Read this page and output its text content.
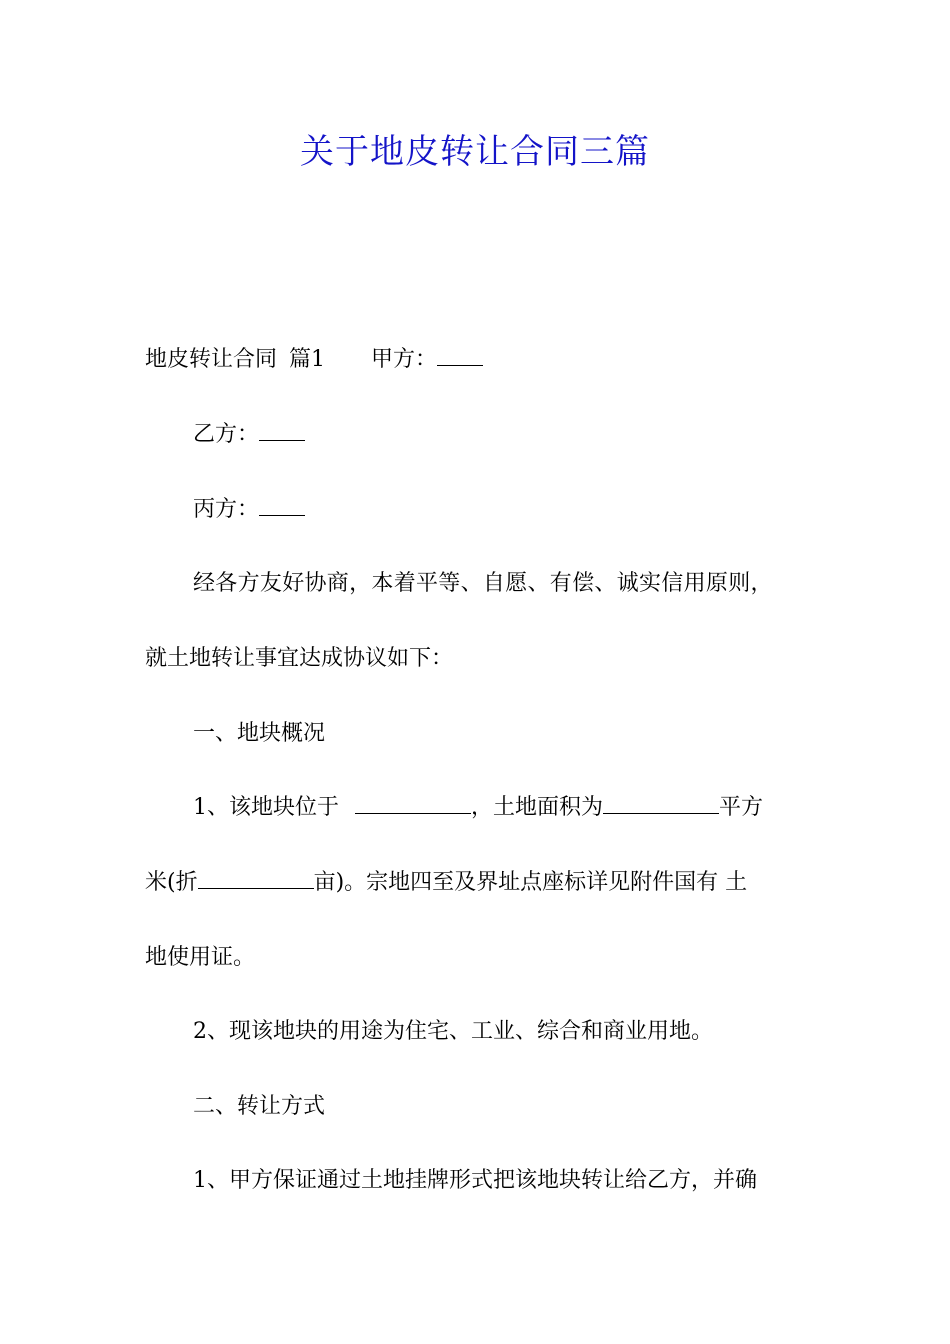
关于地皮转让合同三篇
地皮转让合同 篇1 甲方：
乙方：
丙方：
经各方友好协商，本着平等、自愿、有偿、诚实信用原则，
就土地转让事宜达成协议如下：
一、地块概况
1、该地块位于	，土地面积为	平方
米(折	亩)。宗地四至及界址点座标详见附件国有 土
地使用证。
2、现该地块的用途为住宅、工业、综合和商业用地。
二、转让方式
1、甲方保证通过土地挂牌形式把该地块转让给乙方，并确
